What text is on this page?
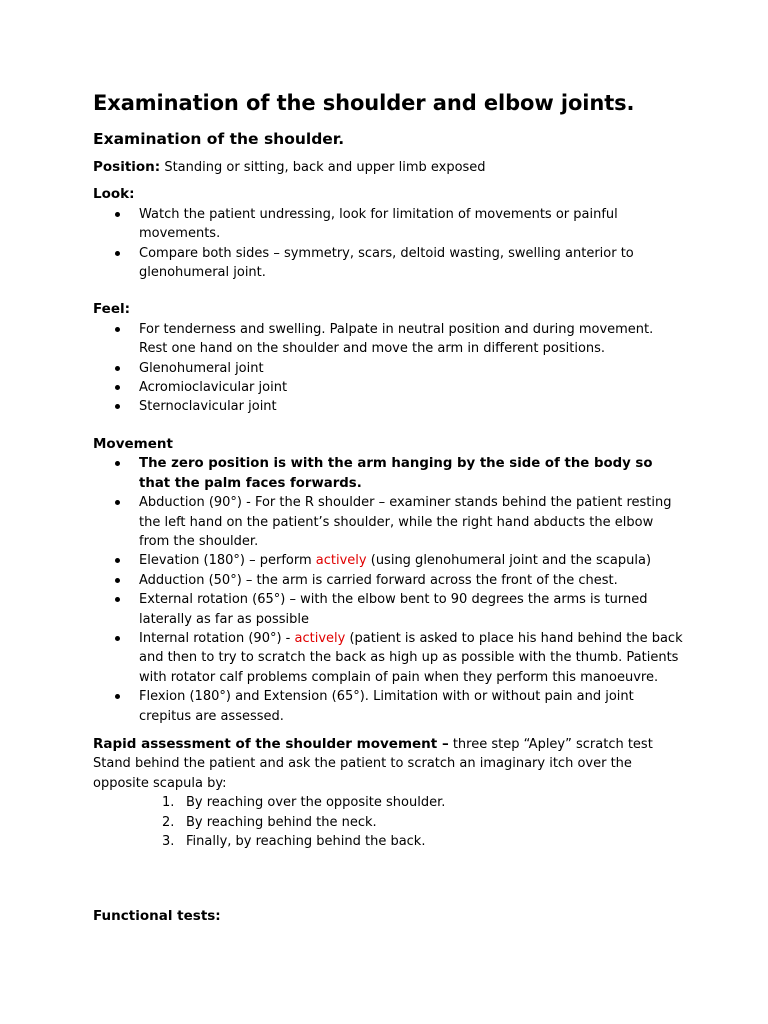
Examination of the shoulder and elbow joints.
Examination of the shoulder.

Position: Standing or sitting, back and upper limb exposed

Look:

Watch the patient undressing, look for limitation of movements or painful movements.
Compare both sides – symmetry, scars, deltoid wasting, swelling anterior to glenohumeral joint.

Feel:

For tenderness and swelling. Palpate in neutral position and during movement. Rest one hand on the shoulder and move the arm in different positions.
Glenohumeral joint
Acromioclavicular joint
Sternoclavicular joint

Movement

The zero position is with the arm hanging by the side of the body so that the palm faces forwards.
Abduction (90°) - For the R shoulder – examiner stands behind the patient resting the left hand on the patient’s shoulder, while the right hand abducts the elbow from the shoulder.
Elevation (180°) – perform actively (using glenohumeral joint and the scapula)
Adduction (50°) – the arm is carried forward across the front of the chest.
External rotation (65°) – with the elbow bent to 90 degrees the arms is turned laterally as far as possible
Internal rotation (90°) - actively (patient is asked to place his hand behind the back and then to try to scratch the back as high up as possible with the thumb. Patients with rotator calf problems complain of pain when they perform this manoeuvre.
Flexion (180°) and Extension (65°). Limitation with or without pain and joint crepitus are assessed.

Rapid assessment of the shoulder movement – three step “Apley” scratch test

Stand behind the patient and ask the patient to scratch an imaginary itch over the opposite scapula by:

1. By reaching over the opposite shoulder.
2. By reaching behind the neck.
3. Finally, by reaching behind the back.

Functional tests:
